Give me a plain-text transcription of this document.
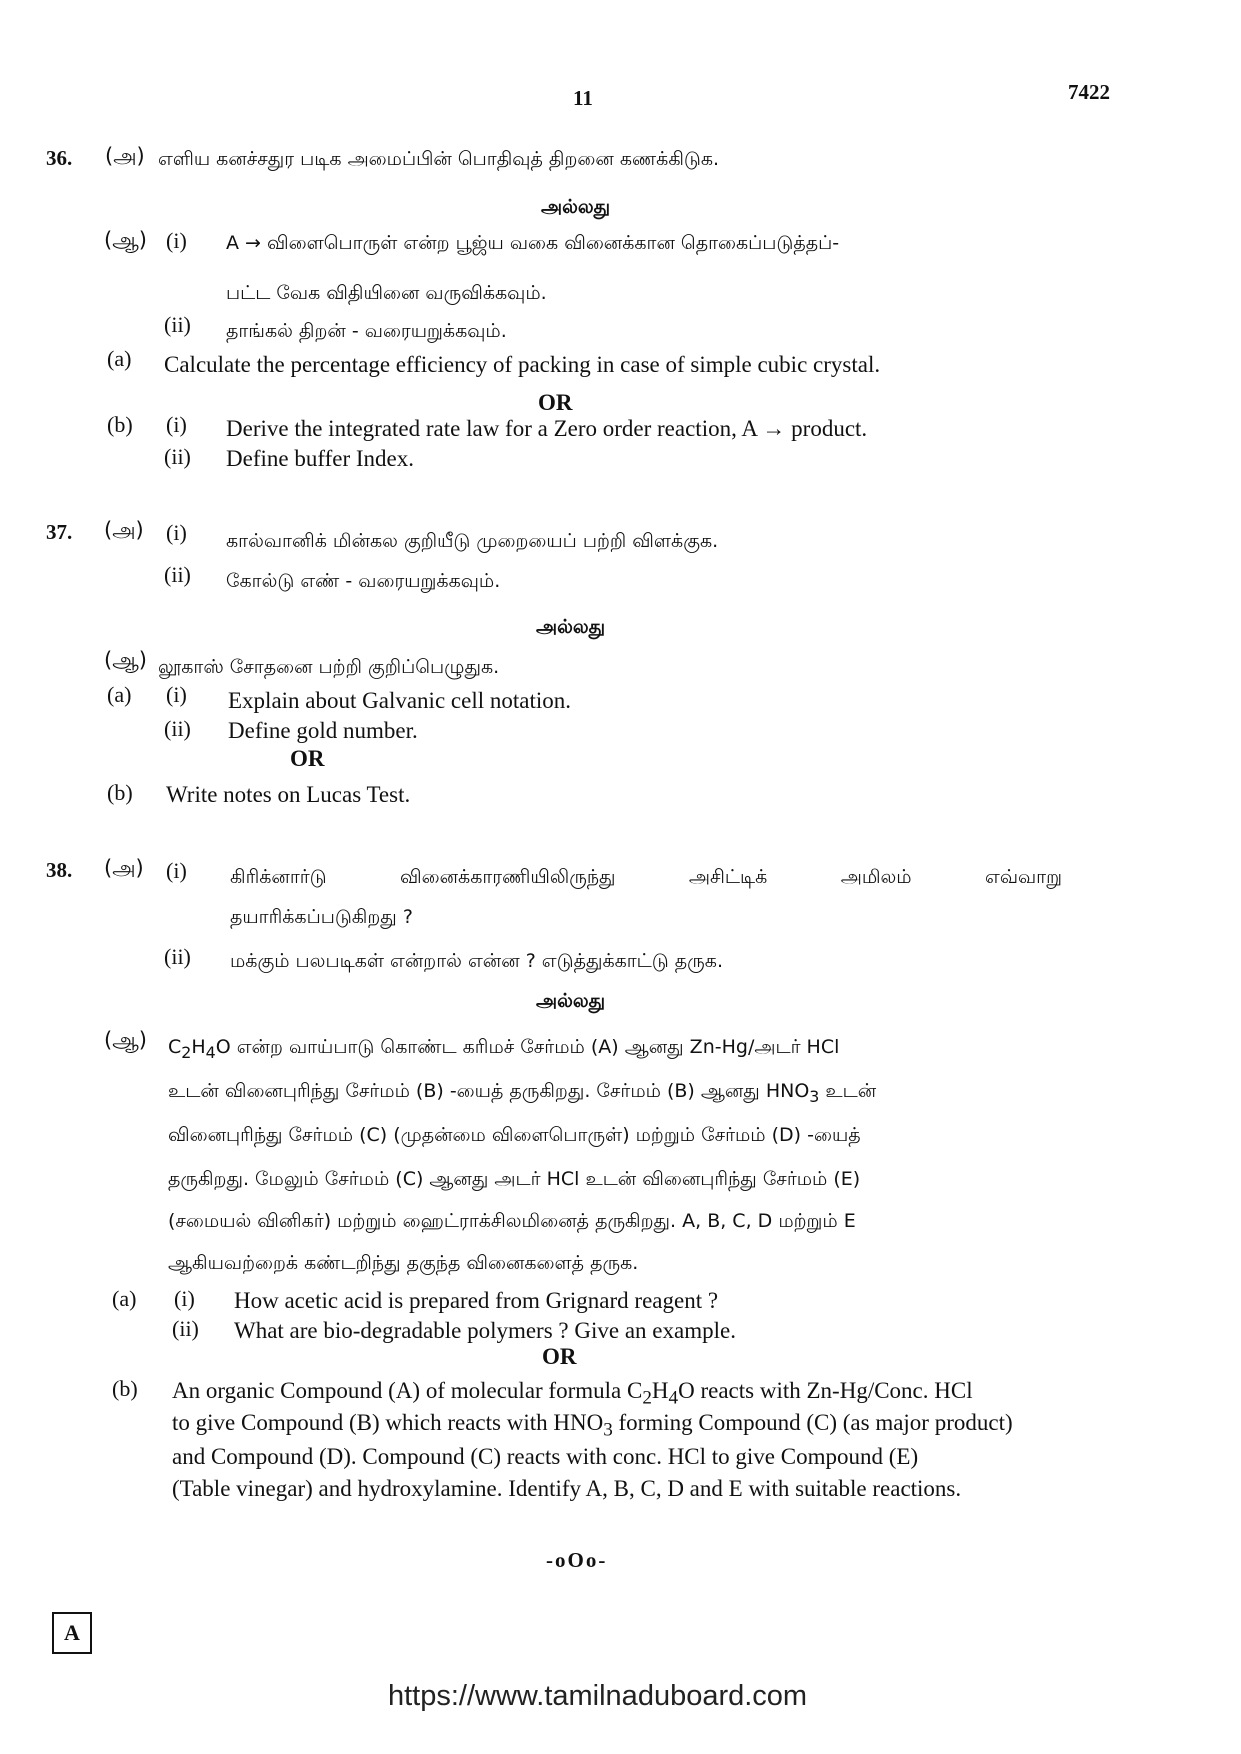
11	7422
36. (அ) எளிய கனச்சதுர படிக அமைப்பின் பொதிவுத் திறனை கணக்கிடுக.
அல்லது
(ஆ) (i) A → விளைபொருள் என்ற பூஜ்ய வகை வினைக்கான தொகைப்படுத்தப்-
பட்ட வேக விதியினை வருவிக்கவும்.
(ii) தாங்கல் திறன் - வரையறுக்கவும்.
(a) Calculate the percentage efficiency of packing in case of simple cubic crystal.
OR
(b) (i) Derive the integrated rate law for a Zero order reaction, A → product.
(ii) Define buffer Index.
37. (அ) (i) கால்வானிக் மின்கல குறியீடு முறையைப் பற்றி விளக்குக.
(ii) கோல்டு எண் - வரையறுக்கவும்.
அல்லது
(ஆ) லூகாஸ் சோதனை பற்றி குறிப்பெழுதுக.
(a) (i) Explain about Galvanic cell notation.
(ii) Define gold number.
OR
(b) Write notes on Lucas Test.
38. (அ) (i) கிரிக்னார்டு வினைக்காரணியிலிருந்து அசிட்டிக் அமிலம் எவ்வாறு
தயாரிக்கப்படுகிறது ?
(ii) மக்கும் பலபடிகள் என்றால் என்ன ? எடுத்துக்காட்டு தருக.
அல்லது
(ஆ) $C_2H_4O$ என்ற வாய்பாடு கொண்ட கரிமச் சேர்மம் (A) ஆனது Zn-Hg/அடர் HCl
உடன் வினைபுரிந்து சேர்மம் (B) -யைத் தருகிறது. சேர்மம் (B) ஆனது $HNO_3$ உடன்
வினைபுரிந்து சேர்மம் (C) (முதன்மை விளைபொருள்) மற்றும் சேர்மம் (D) -யைத்
தருகிறது. மேலும் சேர்மம் (C) ஆனது அடர் HCl உடன் வினைபுரிந்து சேர்மம் (E)
(சமையல் வினிகர்) மற்றும் ஹைட்ராக்சிலமினைத் தருகிறது. A, B, C, D மற்றும் E
ஆகியவற்றைக் கண்டறிந்து தகுந்த வினைகளைத் தருக.
(a) (i) How acetic acid is prepared from Grignard reagent ?
(ii) What are bio-degradable polymers ? Give an example.
OR
(b) An organic Compound (A) of molecular formula $C_2H_4O$ reacts with Zn-Hg/Conc. HCl
to give Compound (B) which reacts with $HNO_3$ forming Compound (C) (as major product)
and Compound (D). Compound (C) reacts with conc. HCl to give Compound (E)
(Table vinegar) and hydroxylamine. Identify A, B, C, D and E with suitable reactions.
-oOo-
A
https://www.tamilnaduboard.com
